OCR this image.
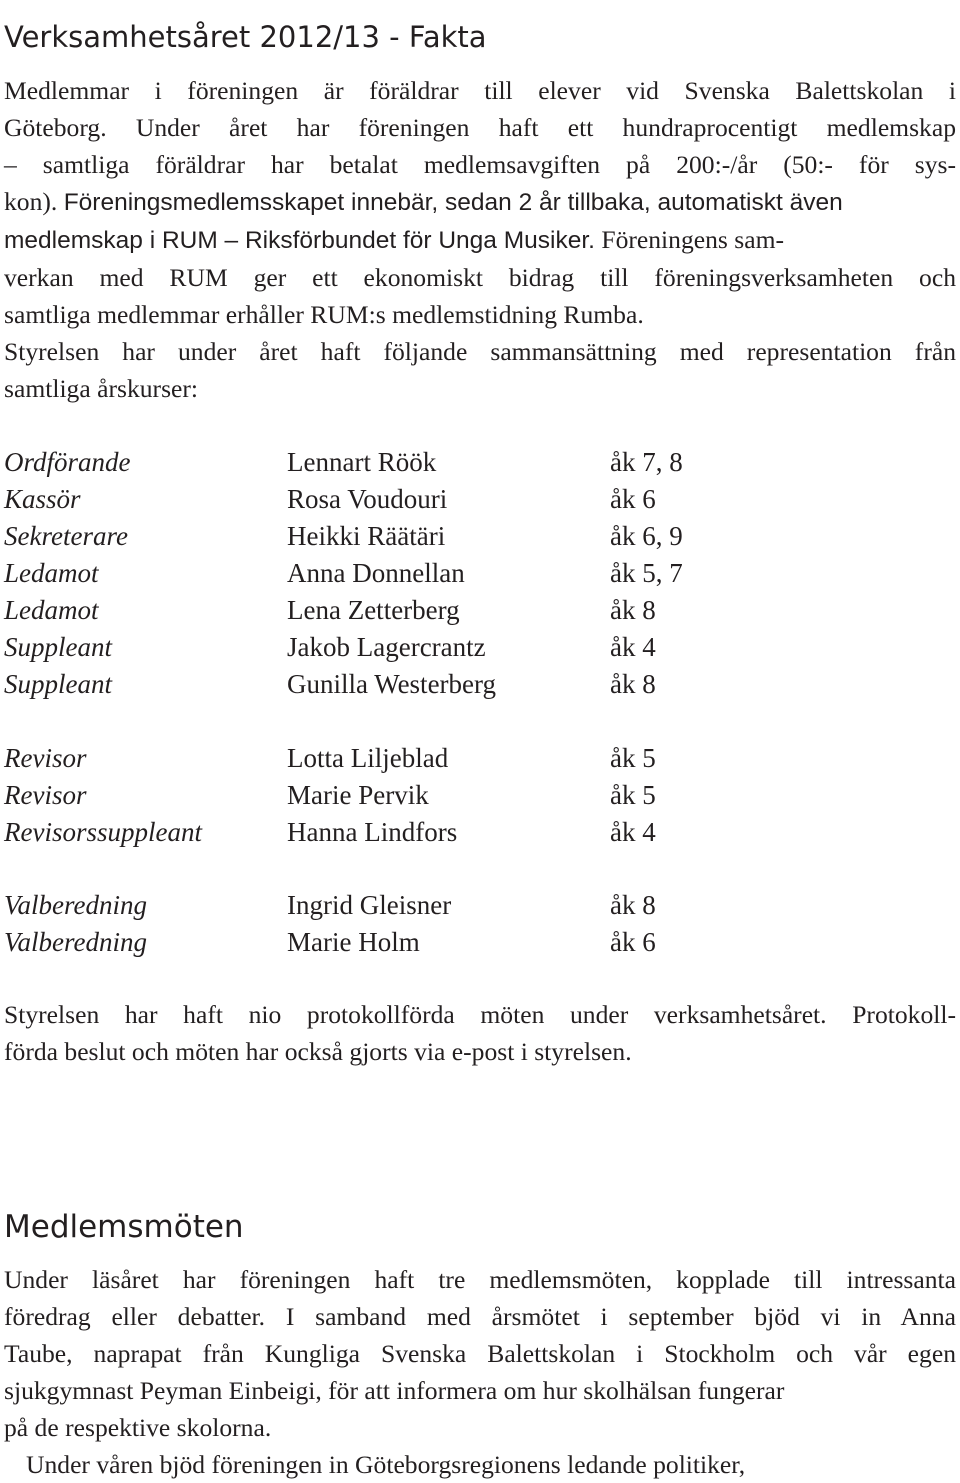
Verksamhetsåret 2012/13 - Fakta
Medlemmar i föreningen är föräldrar till elever vid Svenska Balettskolan i
Göteborg. Under året har föreningen haft ett hundraprocentigt medlemskap
– samtliga föräldrar har betalat medlemsavgiften på 200:-/år (50:- för sys-
kon). Föreningsmedlemsskapet innebär, sedan 2 år tillbaka, automatiskt även
medlemskap i RUM – Riksförbundet för Unga Musiker. Föreningens sam-
verkan med RUM ger ett ekonomiskt bidrag till föreningsverksamheten och
samtliga medlemmar erhåller RUM:s medlemstidning Rumba.
Styrelsen har under året haft följande sammansättning med representation från
samtliga årskurser:
Ordförande	Lennart Röök	åk 7, 8
Kassör	Rosa Voudouri	åk 6
Sekreterare	Heikki Räätäri	åk 6, 9
Ledamot	Anna Donnellan	åk 5, 7
Ledamot	Lena Zetterberg	åk 8
Suppleant	Jakob Lagercrantz	åk 4
Suppleant	Gunilla Westerberg	åk 8
Revisor	Lotta Liljeblad	åk 5
Revisor	Marie Pervik	åk 5
Revisorssuppleant	Hanna Lindfors	åk 4
Valberedning	Ingrid Gleisner	åk 8
Valberedning	Marie Holm	åk 6
Styrelsen har haft nio protokollförda möten under verksamhetsåret. Protokoll-
förda beslut och möten har också gjorts via e-post i styrelsen.
Medlemsmöten
Under läsåret har föreningen haft tre medlemsmöten, kopplade till intressanta
föredrag eller debatter. I samband med årsmötet i september bjöd vi in Anna
Taube, naprapat från Kungliga Svenska Balettskolan i Stockholm och vår egen
sjukgymnast Peyman Einbeigi, för att informera om hur skolhälsan fungerar
på de respektive skolorna.
Under våren bjöd föreningen in Göteborgsregionens ledande politiker,
